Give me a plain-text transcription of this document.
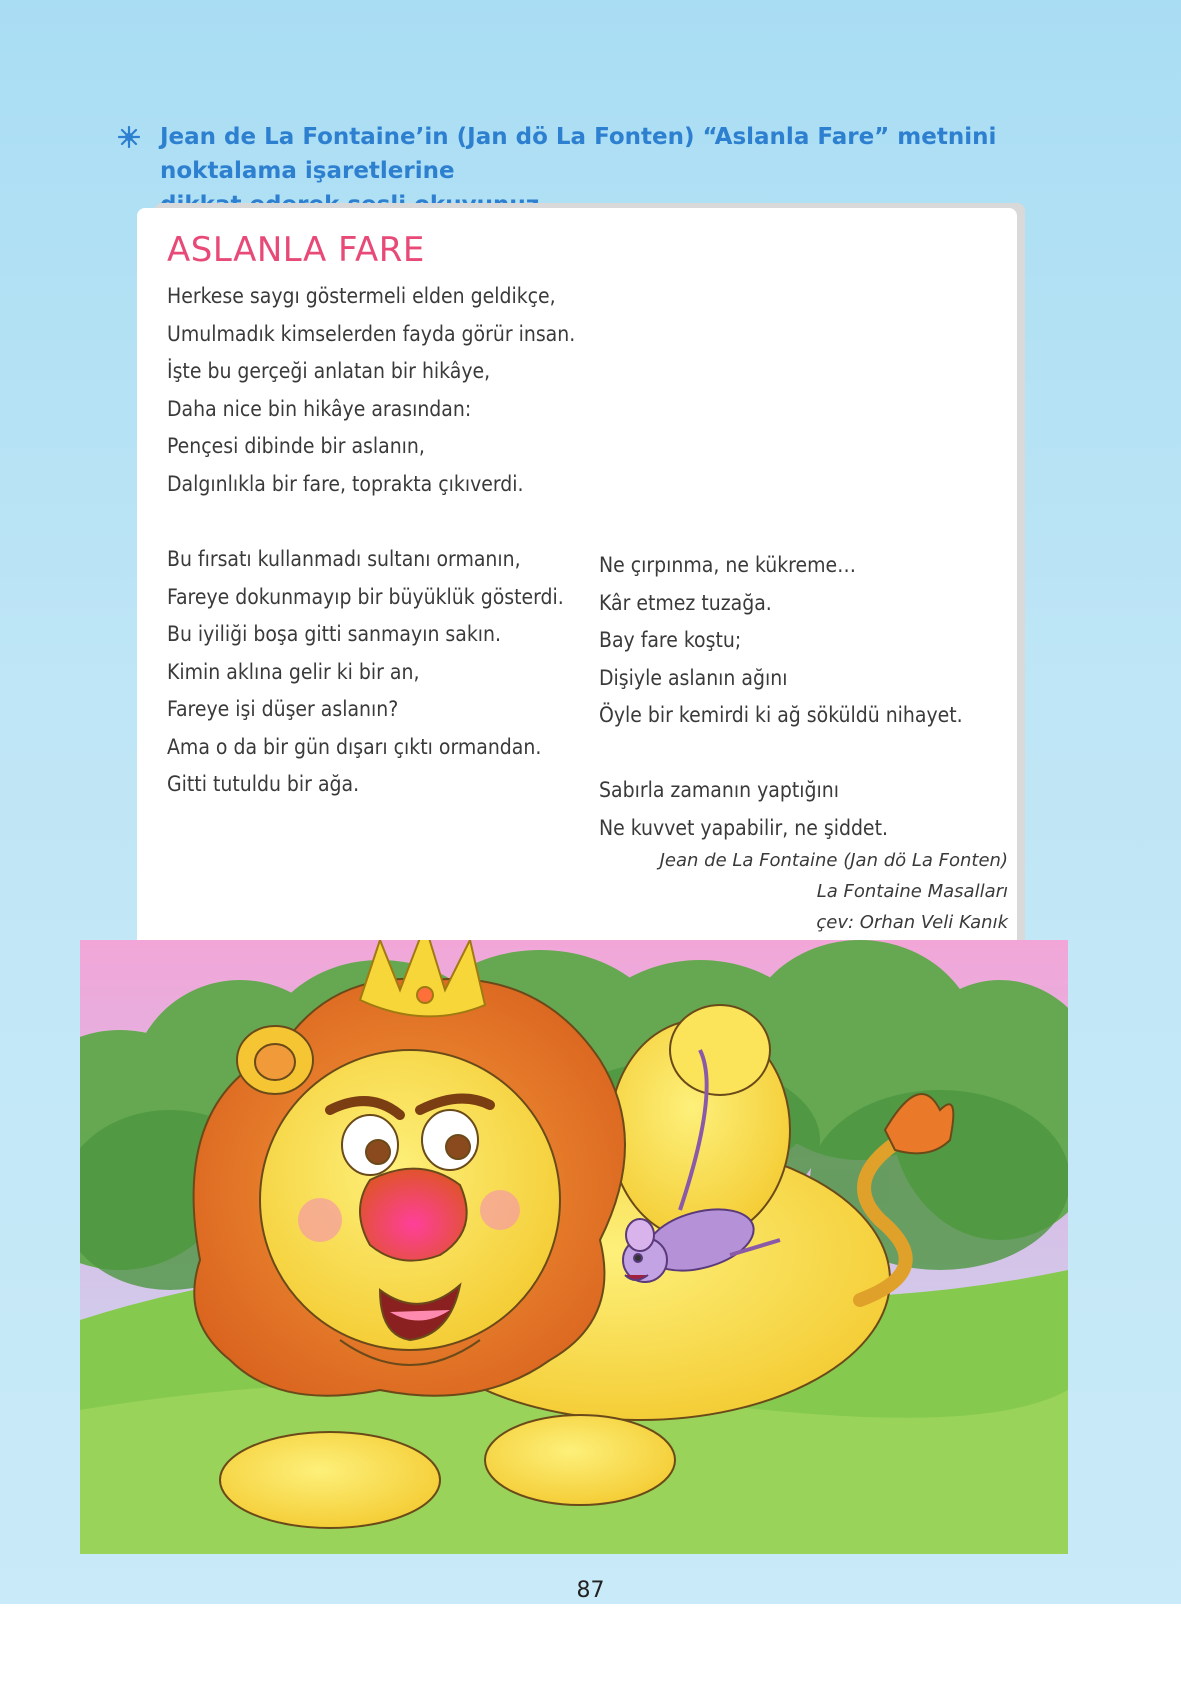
Jean de La Fontaine’in (Jan dö La Fonten) “Aslanla Fare” metnini noktalama işaretlerine
ASLANLA FARE
Herkese saygı göstermeli elden geldikçe,
Umulmadık kimselerden fayda görür insan.
İşte bu gerçeği anlatan bir hikâye,
Daha nice bin hikâye arasından:
Pençesi dibinde bir aslanın,
Dalgınlıkla bir fare, toprakta çıkıverdi.
Bu fırsatı kullanmadı sultanı ormanın,
Fareye dokunmayıp bir büyüklük gösterdi.
Bu iyiliği boşa gitti sanmayın sakın.
Kimin aklına gelir ki bir an,
Fareye işi düşer aslanın?
Ama o da bir gün dışarı çıktı ormandan.
Gitti tutuldu bir ağa.
Ne çırpınma, ne kükreme…
Kâr etmez tuzağa.
Bay fare koştu;
Dişiyle aslanın ağını
Öyle bir kemirdi ki ağ söküldü nihayet.
Sabırla zamanın yaptığını
Ne kuvvet yapabilir, ne şiddet.
Jean de La Fontaine (Jan dö La Fonten)
La Fontaine Masalları
çev: Orhan Veli Kanık
87
